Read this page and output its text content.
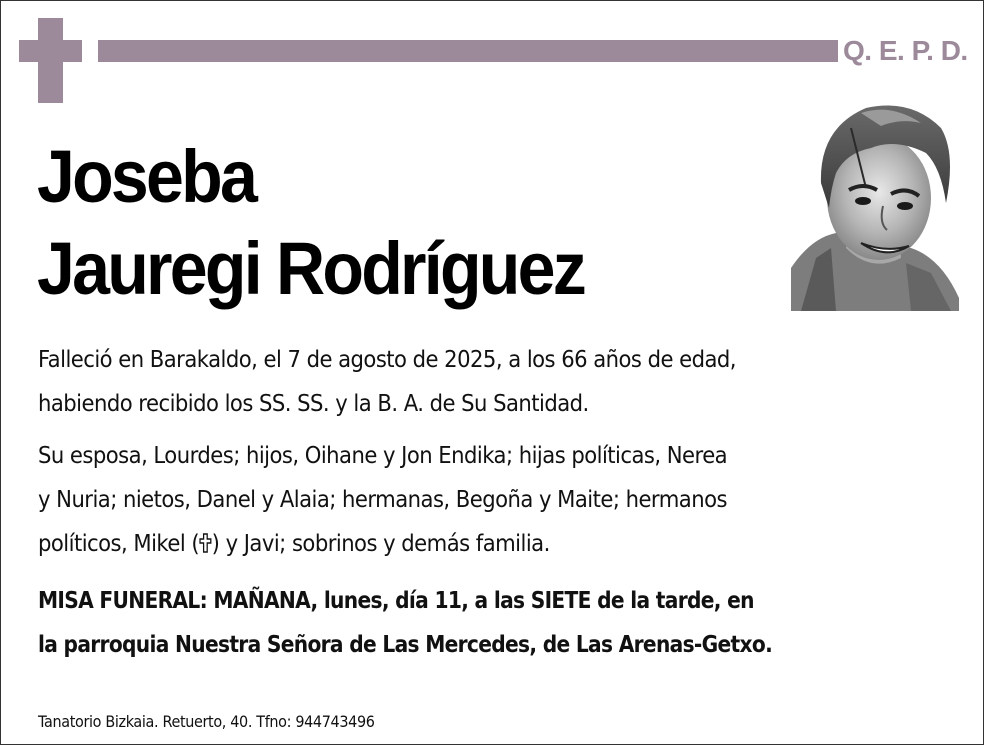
Q. E. P. D.
Joseba
Jauregi Rodríguez
Falleció en Barakaldo, el 7 de agosto de 2025, a los 66 años de edad,
habiendo recibido los SS. SS. y la B. A. de Su Santidad.
Su esposa, Lourdes; hijos, Oihane y Jon Endika; hijas políticas, Nerea
y Nuria; nietos, Danel y Alaia; hermanas, Begoña y Maite; hermanos
políticos, Mikel ( ) y Javi; sobrinos y demás familia.
MISA FUNERAL: MAÑANA, lunes, día 11, a las SIETE de la tarde, en
la parroquia Nuestra Señora de Las Mercedes, de Las Arenas-Getxo.
Tanatorio Bizkaia. Retuerto, 40. Tfno: 944743496
